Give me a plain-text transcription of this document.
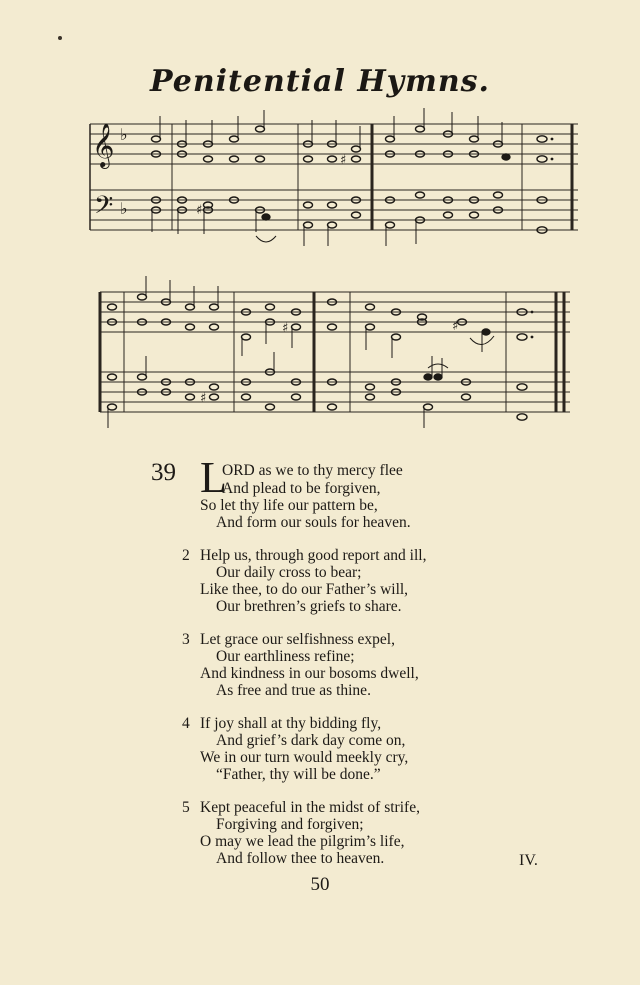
Penitential Hymns.
𝄞
𝄢
♭
♭
♯
♯
♯
♯
♯
39 L
ORD as we to thy mercy flee
And plead to be forgiven,
So let thy life our pattern be,
And form our souls for heaven.
2 Help us, through good report and ill,
Our daily cross to bear;
Like thee, to do our Father’s will,
Our brethren’s griefs to share.
3 Let grace our selfishness expel,
Our earthliness refine;
And kindness in our bosoms dwell,
As free and true as thine.
4 If joy shall at thy bidding fly,
And grief’s dark day come on,
We in our turn would meekly cry,
“Father, thy will be done.”
5 Kept peaceful in the midst of strife,
Forgiving and forgiven;
O may we lead the pilgrim’s life,
And follow thee to heaven.	IV.
50
